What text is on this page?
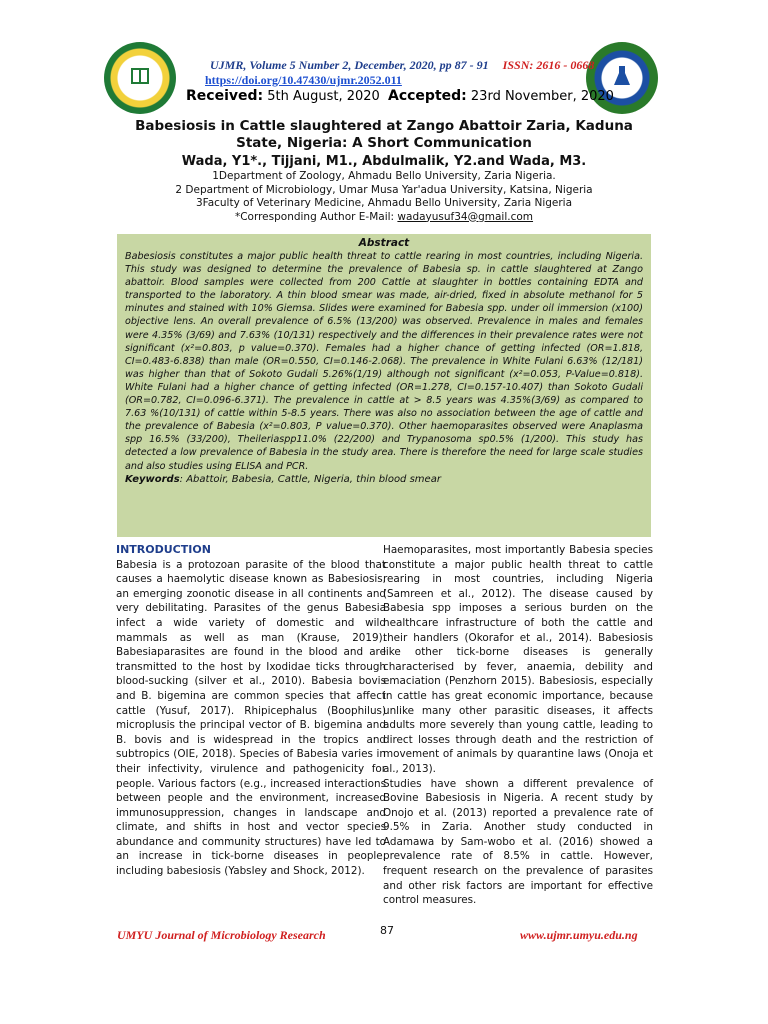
UJMR, Volume 5 Number 2, December, 2020, pp 87 - 91 ISSN: 2616 - 0668
https://doi.org/10.47430/ujmr.2052.011
Received: 5th August, 2020 Accepted: 23rd November, 2020
Babesiosis in Cattle slaughtered at Zango Abattoir Zaria, Kaduna State, Nigeria: A Short Communication
Wada, Y1*., Tijjani, M1., Abdulmalik, Y2.and Wada, M3.
1Department of Zoology, Ahmadu Bello University, Zaria Nigeria.
2 Department of Microbiology, Umar Musa Yar'adua University, Katsina, Nigeria
3Faculty of Veterinary Medicine, Ahmadu Bello University, Zaria Nigeria
*Corresponding Author E-Mail: wadayusuf34@gmail.com
Abstract
Babesiosis constitutes a major public health threat to cattle rearing in most countries, including Nigeria. This study was designed to determine the prevalence of Babesia sp. in cattle slaughtered at Zango abattoir. Blood samples were collected from 200 Cattle at slaughter in bottles containing EDTA and transported to the laboratory. A thin blood smear was made, air-dried, fixed in absolute methanol for 5 minutes and stained with 10% Giemsa. Slides were examined for Babesia spp. under oil immersion (x100) objective lens. An overall prevalence of 6.5% (13/200) was observed. Prevalence in males and females were 4.35% (3/69) and 7.63% (10/131) respectively and the differences in their prevalence rates were not significant (x²=0.803, p value=0.370). Females had a higher chance of getting infected (OR=1.818, CI=0.483-6.838) than male (OR=0.550, CI=0.146-2.068). The prevalence in White Fulani 6.63% (12/181) was higher than that of Sokoto Gudali 5.26%(1/19) although not significant (x²=0.053, P-Value=0.818). White Fulani had a higher chance of getting infected (OR=1.278, CI=0.157-10.407) than Sokoto Gudali (OR=0.782, CI=0.096-6.371). The prevalence in cattle at > 8.5 years was 4.35%(3/69) as compared to 7.63 %(10/131) of cattle within 5-8.5 years. There was also no association between the age of cattle and the prevalence of Babesia (x²=0.803, P value=0.370). Other haemoparasites observed were Anaplasma spp 16.5% (33/200), Theileriaspp11.0% (22/200) and Trypanosoma sp0.5% (1/200). This study has detected a low prevalence of Babesia in the study area. There is therefore the need for large scale studies and also studies using ELISA and PCR.
Keywords: Abattoir, Babesia, Cattle, Nigeria, thin blood smear
INTRODUCTION

Babesia is a protozoan parasite of the blood that causes a haemolytic disease known as Babesiosis, an emerging zoonotic disease in all continents and very debilitating. Parasites of the genus Babesia infect a wide variety of domestic and wild mammals as well as man (Krause, 2019). Babesiaparasites are found in the blood and are transmitted to the host by Ixodidae ticks through blood-sucking (silver et al., 2010). Babesia bovis and B. bigemina are common species that affect cattle (Yusuf, 2017). Rhipicephalus (Boophilus) microplusis the principal vector of B. bigemina and B. bovis and is widespread in the tropics and subtropics (OIE, 2018). Species of Babesia varies in their infectivity, virulence and pathogenicity for people. Various factors (e.g., increased interactions between people and the environment, increased immunosuppression, changes in landscape and climate, and shifts in host and vector species abundance and community structures) have led to an increase in tick-borne diseases in people, including babesiosis (Yabsley and Shock, 2012).

Haemoparasites, most importantly Babesia species constitute a major public health threat to cattle rearing in most countries, including Nigeria (Samreen et al., 2012). The disease caused by Babesia spp imposes a serious burden on the healthcare infrastructure of both the cattle and their handlers (Okorafor et al., 2014). Babesiosis like other tick-borne diseases is generally characterised by fever, anaemia, debility and emaciation (Penzhorn 2015). Babesiosis, especially in cattle has great economic importance, because unlike many other parasitic diseases, it affects adults more severely than young cattle, leading to direct losses through death and the restriction of movement of animals by quarantine laws (Onoja et al., 2013).

Studies have shown a different prevalence of Bovine Babesiosis in Nigeria. A recent study by Onojo et al. (2013) reported a prevalence rate of 9.5% in Zaria. Another study conducted in Adamawa by Sam-wobo et al. (2016) showed a prevalence rate of 8.5% in cattle. However, frequent research on the prevalence of parasites and other risk factors are important for effective control measures.

UMYU Journal of Microbiology Research	87	www.ujmr.umyu.edu.ng
